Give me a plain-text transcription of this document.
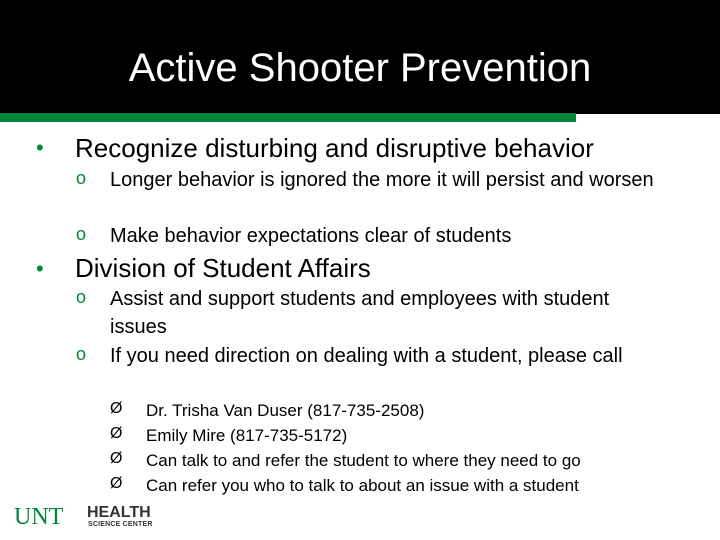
Active Shooter Prevention
• Recognize disturbing and disruptive behavior
o Longer behavior is ignored the more it will persist and worsen
o Make behavior expectations clear of students
• Division of Student Affairs
o Assist and support students and employees with student issues
o If you need direction on dealing with a student, please call
Ø Dr. Trisha Van Duser (817-735-2508)
Ø Emily Mire (817-735-5172)
Ø Can talk to and refer the student to where they need to go
Ø Can refer you who to talk to about an issue with a student
UNT HEALTH
SCIENCE CENTER
